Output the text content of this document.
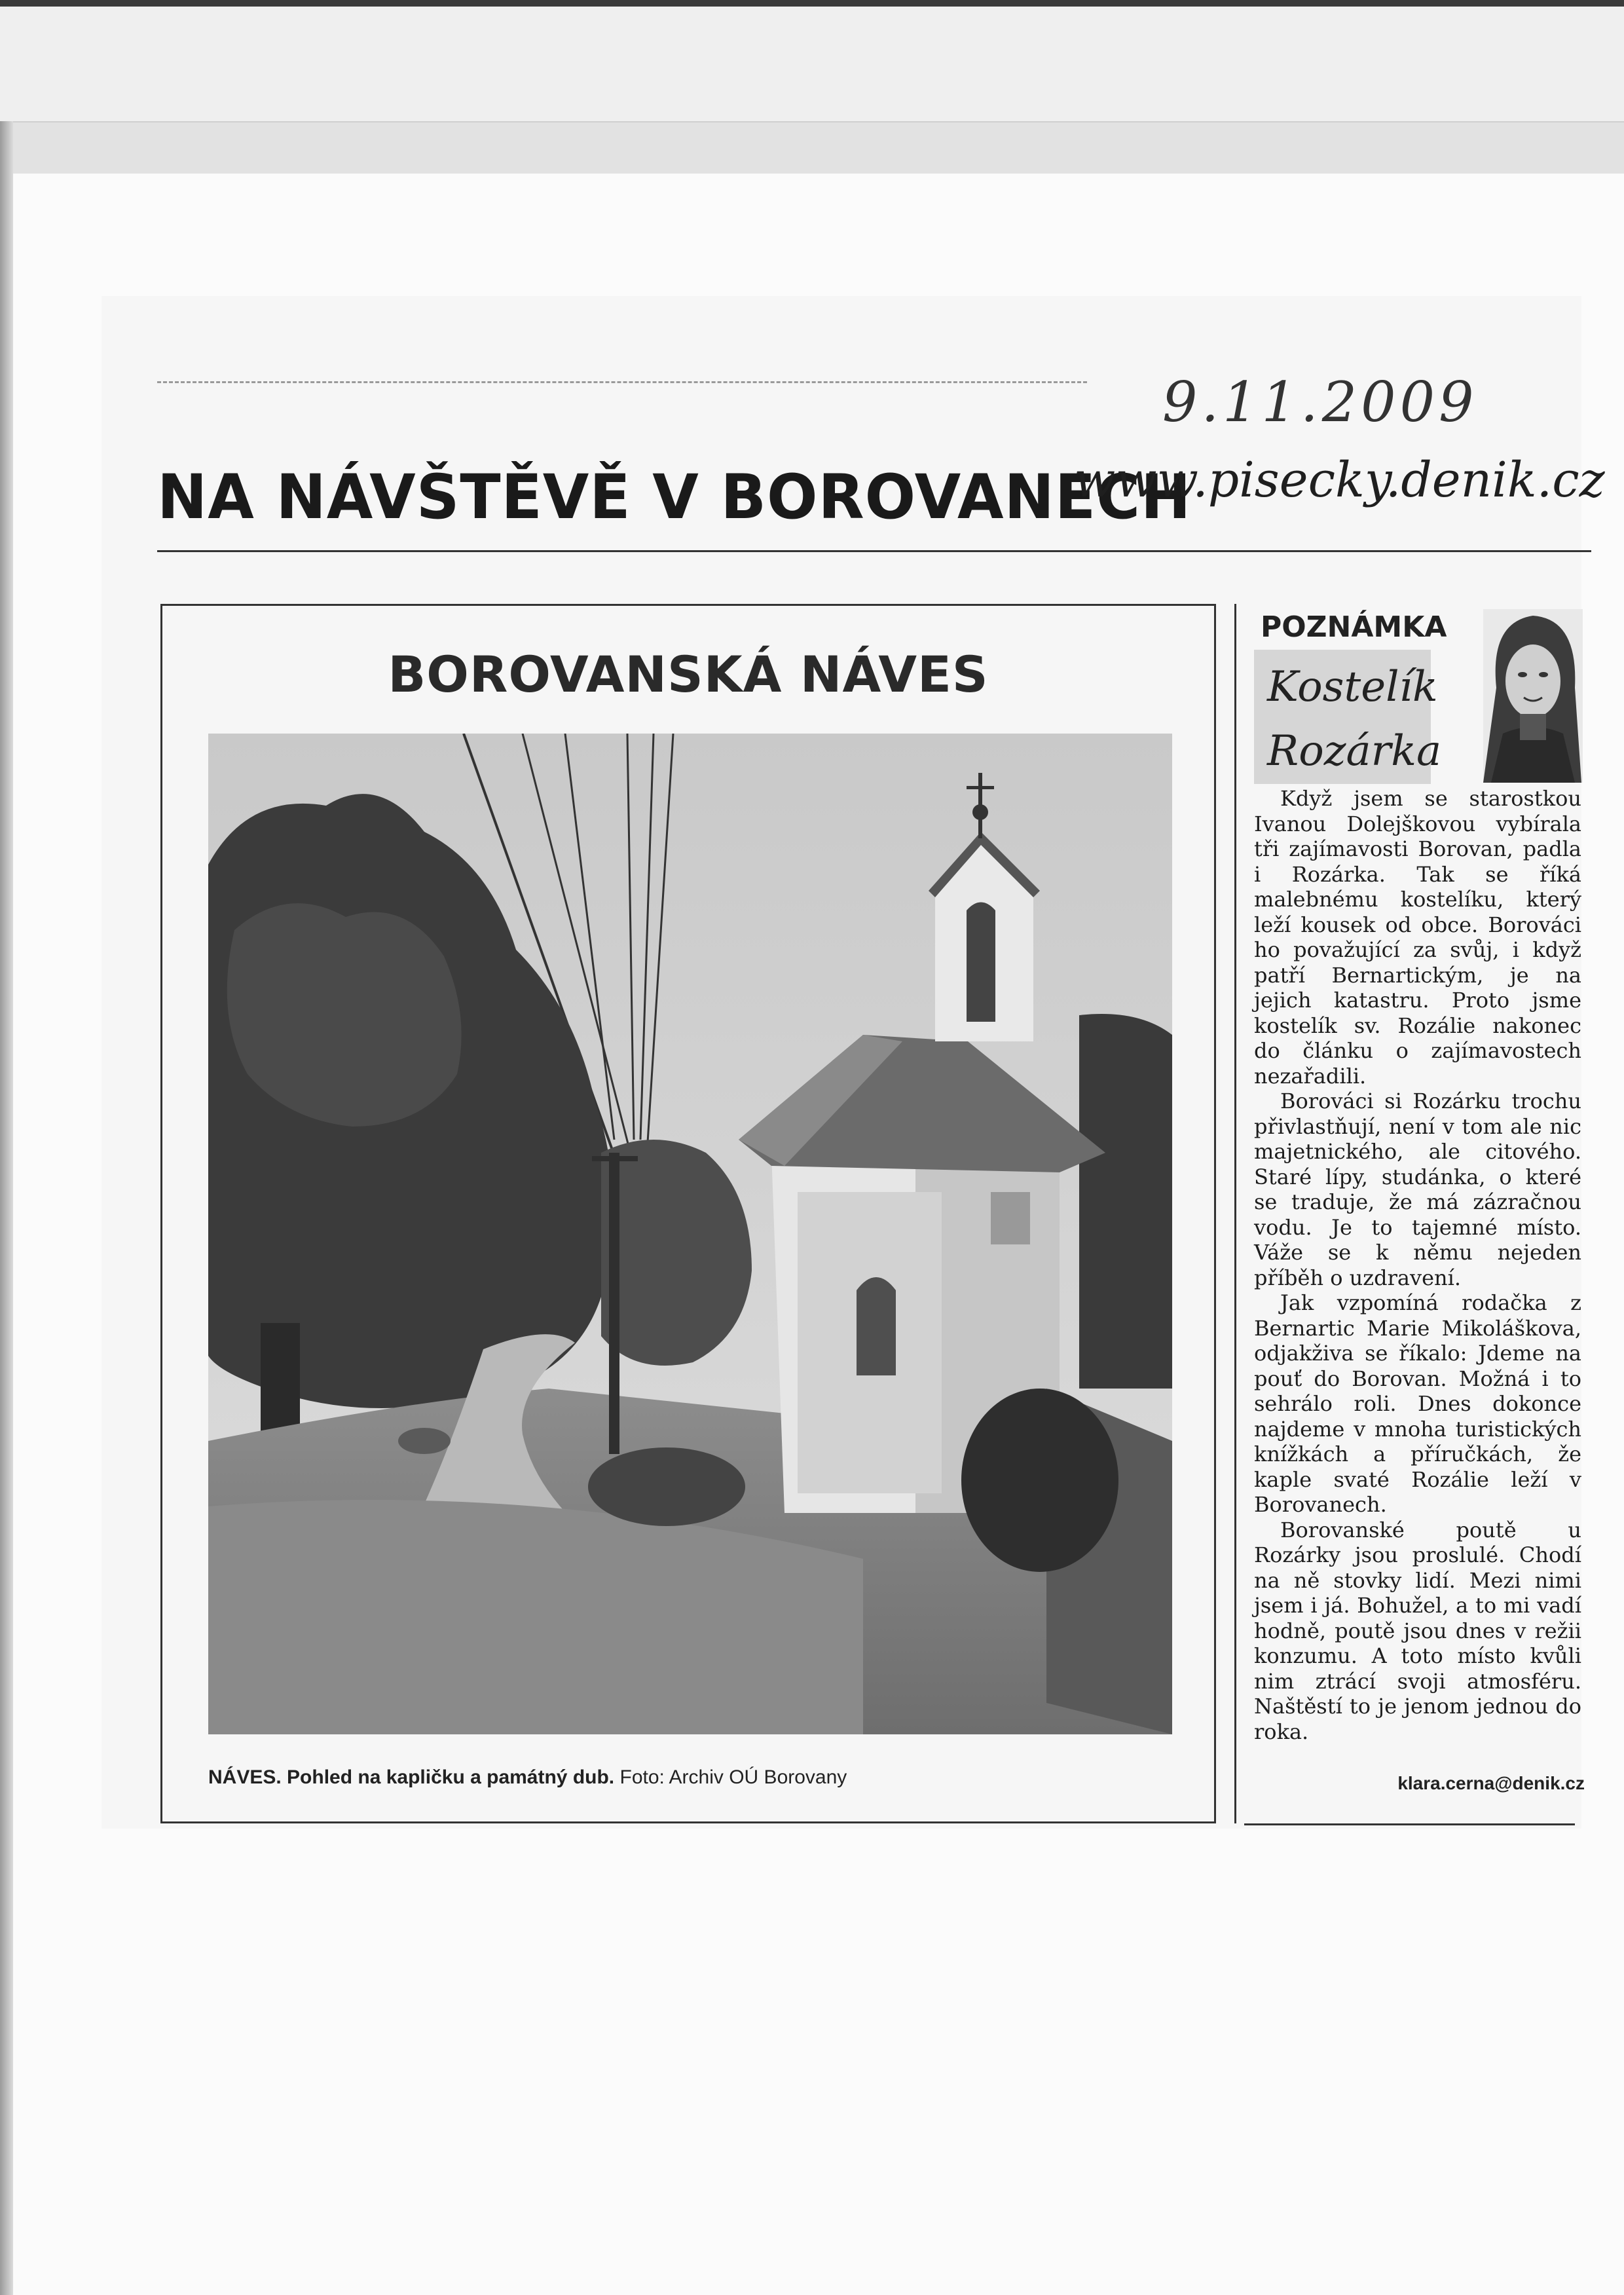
9.11.2009
NA NÁVŠTĚVĚ V BOROVANECH
www.pisecky.denik.cz
BOROVANSKÁ NÁVES
NÁVES. Pohled na kapličku a památný dub. Foto: Archiv OÚ Borovany
POZNÁMKA
Kostelík
Rozárka

Když jsem se starostkou Ivanou Dolejškovou vybírala tři zajímavosti Borovan, padla i Rozárka. Tak se říká malebnému kostelíku, který leží kousek od obce. Borováci ho považující za svůj, i když patří Bernartickým, je na jejich katastru. Proto jsme kostelík sv. Rozálie nakonec do článku o zajímavostech nezařadili.

Borováci si Rozárku trochu přivlastňují, není v tom ale nic majetnického, ale citového. Staré lípy, studánka, o které se traduje, že má zázračnou vodu. Je to tajemné místo. Váže se k němu nejeden příběh o uzdravení.

Jak vzpomíná rodačka z Bernartic Marie Mikoláškova, odjakživa se říkalo: Jdeme na pouť do Borovan. Možná i to sehrálo roli. Dnes dokonce najdeme v mnoha turistických knížkách a příručkách, že kaple svaté Rozálie leží v Borovanech.

Borovanské poutě u Rozárky jsou proslulé. Chodí na ně stovky lidí. Mezi nimi jsem i já. Bohužel, a to mi vadí hodně, poutě jsou dnes v režii konzumu. A toto místo kvůli nim ztrácí svoji atmosféru. Naštěstí to je jenom jednou do roka.

klara.cerna@denik.cz
